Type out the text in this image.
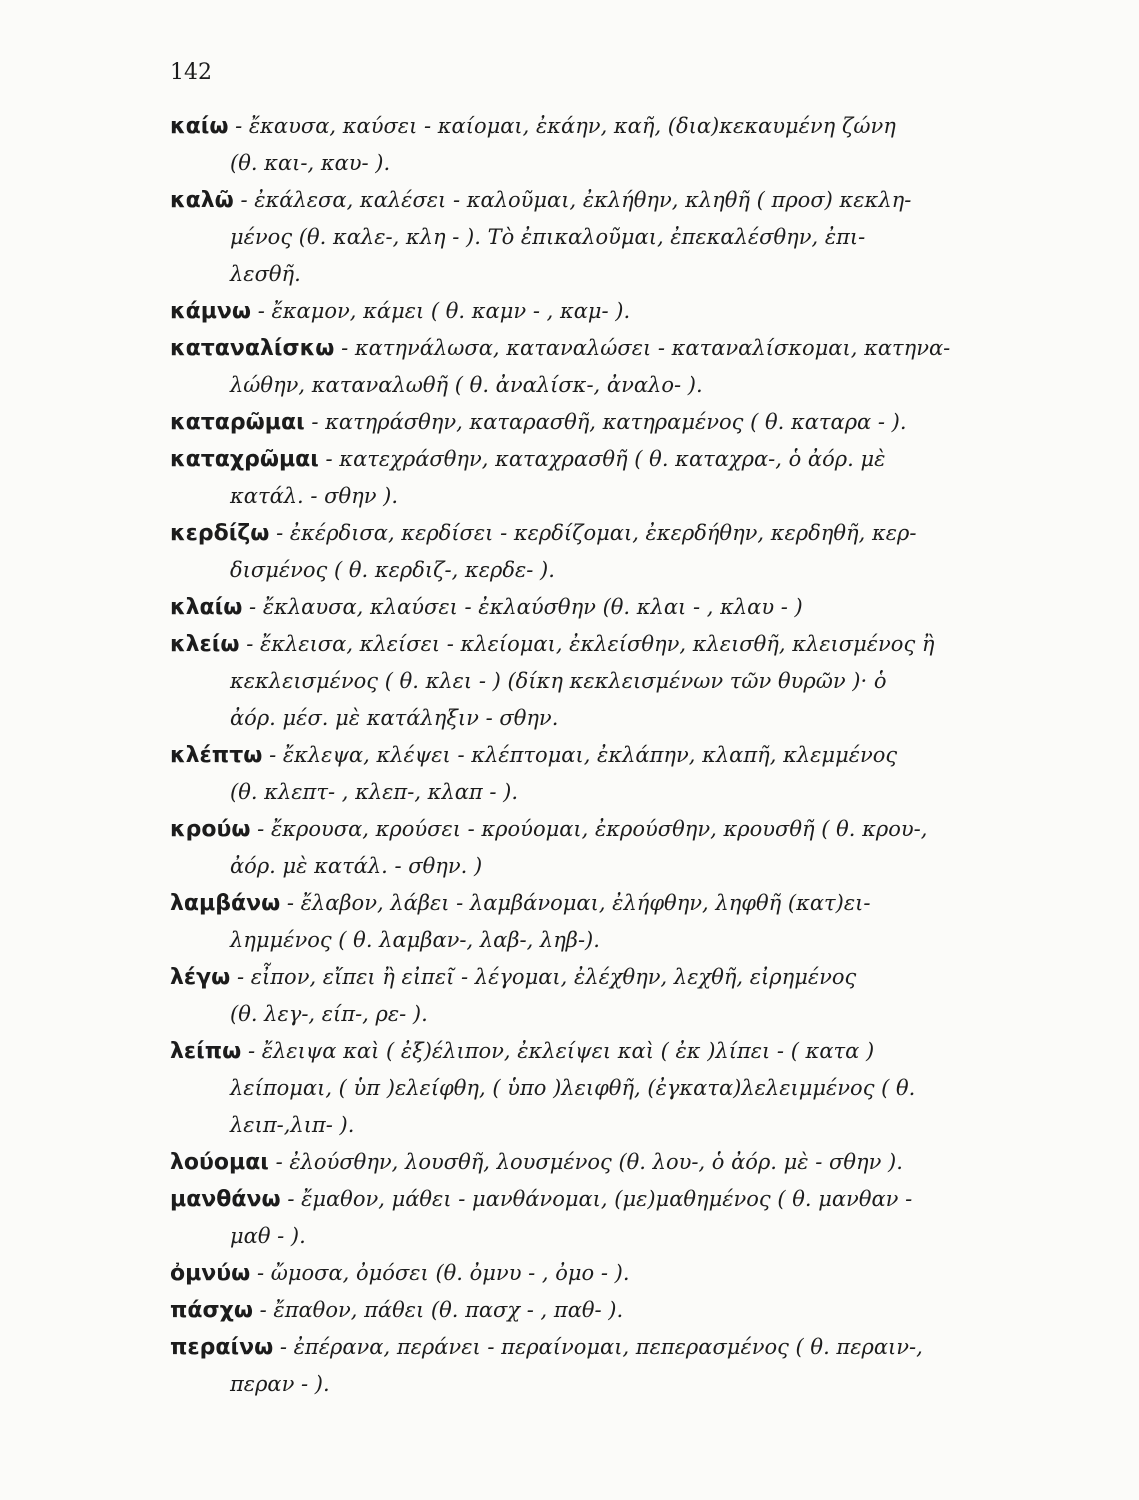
142
καίω - ἔκαυσα, καύσει - καίομαι, ἐκάην, καῆ, (δια)κεκαυμένη ζώνη
(θ. και-, καυ- ).
καλῶ - ἐκάλεσα, καλέσει - καλοῦμαι, ἐκλήθην, κληθῆ ( προσ) κεκλη-
μένος (θ. καλε-, κλη - ). Τὸ ἐπικαλοῦμαι, ἐπεκαλέσθην, ἐπι-
λεσθῆ.
κάμνω - ἔκαμον, κάμει ( θ. καμν - , καμ- ).
καταναλίσκω - κατηνάλωσα, καταναλώσει - καταναλίσκομαι, κατηνα-
λώθην, καταναλωθῆ ( θ. ἀναλίσκ-, ἀναλο- ).
καταρῶμαι - κατηράσθην, καταρασθῆ, κατηραμένος ( θ. καταρα - ).
καταχρῶμαι - κατεχράσθην, καταχρασθῆ ( θ. καταχρα-, ὁ ἀόρ. μὲ
κατάλ. - σθην ).
κερδίζω - ἐκέρδισα, κερδίσει - κερδίζομαι, ἐκερδήθην, κερδηθῆ, κερ-
δισμένος ( θ. κερδιζ-, κερδε- ).
κλαίω - ἔκλαυσα, κλαύσει - ἐκλαύσθην (θ. κλαι - , κλαυ - )
κλείω - ἔκλεισα, κλείσει - κλείομαι, ἐκλείσθην, κλεισθῆ, κλεισμένος ἢ
κεκλεισμένος ( θ. κλει - ) (δίκη κεκλεισμένων τῶν θυρῶν )· ὁ
ἀόρ. μέσ. μὲ κατάληξιν - σθην.
κλέπτω - ἔκλεψα, κλέψει - κλέπτομαι, ἐκλάπην, κλαπῆ, κλεμμένος
(θ. κλεπτ- , κλεπ-, κλαπ - ).
κρούω - ἔκρουσα, κρούσει - κρούομαι, ἐκρούσθην, κρουσθῆ ( θ. κρου-,
ἀόρ. μὲ κατάλ. - σθην. )
λαμβάνω - ἔλαβον, λάβει - λαμβάνομαι, ἐλήφθην, ληφθῆ (κατ)ει-
λημμένος ( θ. λαμβαν-, λαβ-, ληβ-).
λέγω - εἶπον, εἴπει ἢ εἰπεῖ - λέγομαι, ἐλέχθην, λεχθῆ, εἰρημένος
(θ. λεγ-, είπ-, ρε- ).
λείπω - ἔλειψα καὶ ( ἐξ)έλιπον, ἐκλείψει καὶ ( ἐκ )λίπει - ( κατα )
λείπομαι, ( ὑπ )ελείφθη, ( ὑπο )λειφθῆ, (ἐγκατα)λελειμμένος ( θ.
λειπ-,λιπ- ).
λούομαι - ἐλούσθην, λουσθῆ, λουσμένος (θ. λου-, ὁ ἀόρ. μὲ - σθην ).
μανθάνω - ἔμαθον, μάθει - μανθάνομαι, (με)μαθημένος ( θ. μανθαν -
μαθ - ).
ὀμνύω - ὤμοσα, ὀμόσει (θ. ὀμνυ - , ὀμο - ).
πάσχω - ἔπαθον, πάθει (θ. πασχ - , παθ- ).
περαίνω - ἐπέρανα, περάνει - περαίνομαι, πεπερασμένος ( θ. περαιν-,
περαν - ).
